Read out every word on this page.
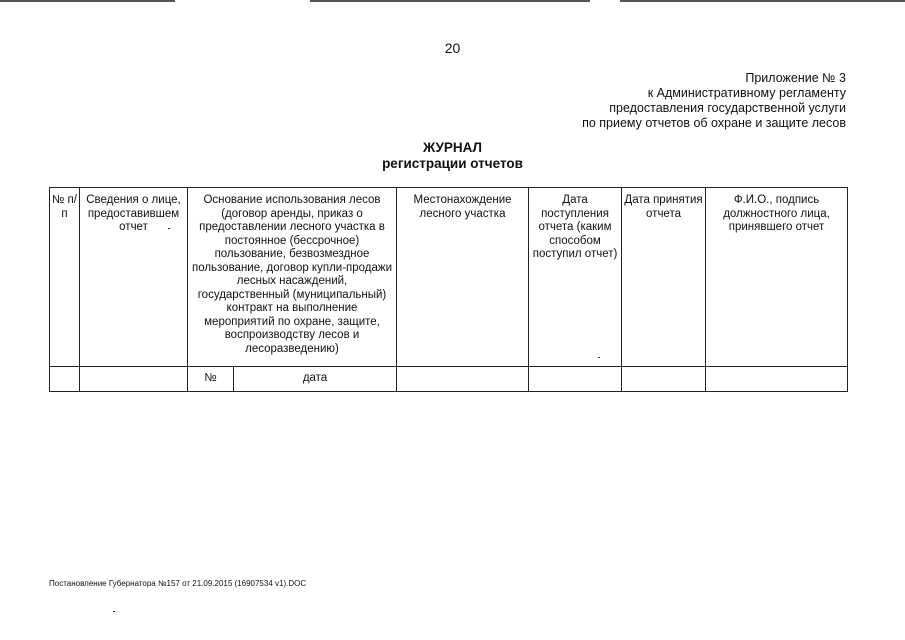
20
Приложение № 3
к Административному регламенту
предоставления государственной услуги
по приему отчетов об охране и защите лесов
ЖУРНАЛ
регистрации отчетов
№ п/п	Сведения о лице, предоставившем отчет	Основание использования лесов (договор аренды, приказ о предоставлении лесного участка в постоянное (бессрочное) пользование, безвозмездное пользование, договор купли-продажи лесных насаждений, государственный (муниципальный) контракт на выполнение мероприятий по охране, защите, воспроизводству лесов и лесоразведению)		Местонахождение лесного участка	Дата поступления отчета (каким способом поступил отчет)	Дата принятия отчета	Ф.И.О., подпись должностного лица, принявшего отчет
		№	дата				
Постановление Губернатора №157 от 21.09.2015 (16907534 v1).DOC
